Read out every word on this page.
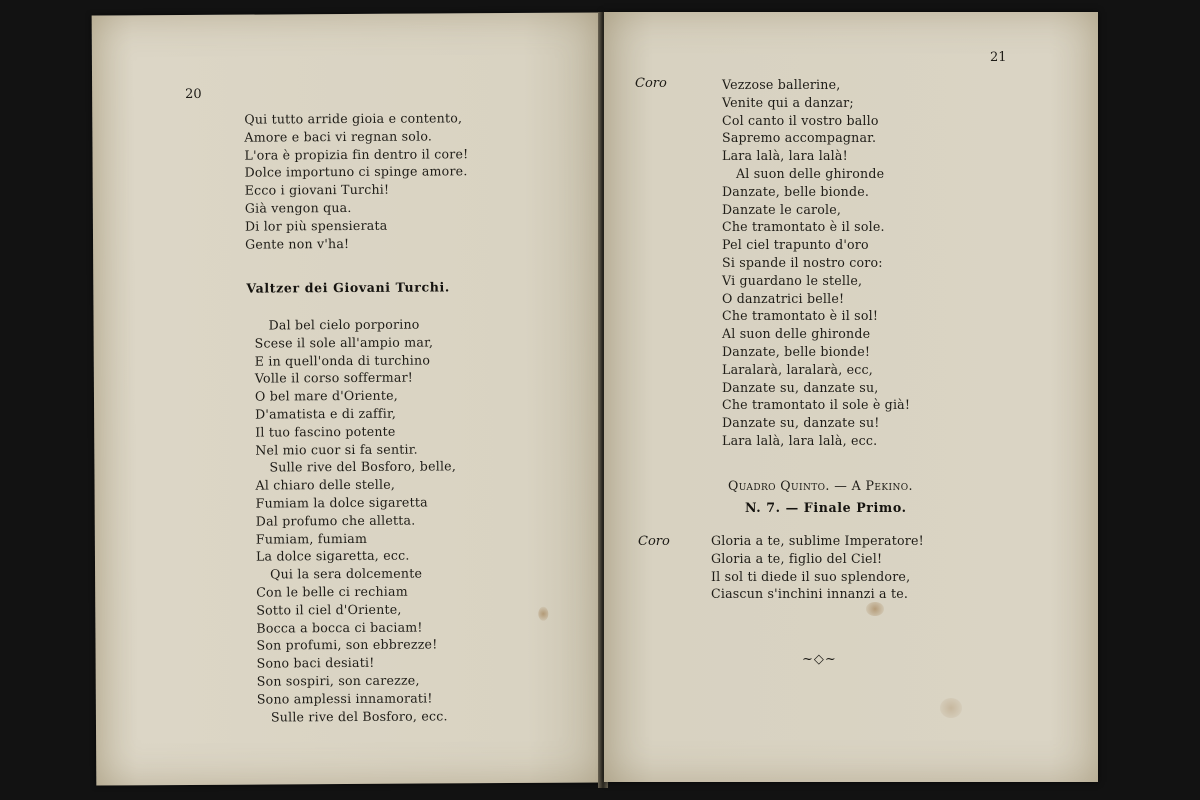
20
Qui tutto arride gioia e contento,
Amore e baci vi regnan solo.
L'ora è propizia fin dentro il core!
Dolce importuno ci spinge amore.
Ecco i giovani Turchi!
Già vengon qua.
Di lor più spensierata
Gente non v'ha!
Valtzer dei Giovani Turchi.
Dal bel cielo porporino
Scese il sole all'ampio mar,
E in quell'onda di turchino
Volle il corso soffermar!
O bel mare d'Oriente,
D'amatista e di zaffir,
Il tuo fascino potente
Nel mio cuor si fa sentir.
Sulle rive del Bosforo, belle,
Al chiaro delle stelle,
Fumiam la dolce sigaretta
Dal profumo che alletta.
Fumiam, fumiam
La dolce sigaretta, ecc.
Qui la sera dolcemente
Con le belle ci rechiam
Sotto il ciel d'Oriente,
Bocca a bocca ci baciam!
Son profumi, son ebbrezze!
Sono baci desiati!
Son sospiri, son carezze,
Sono amplessi innamorati!
Sulle rive del Bosforo, ecc.
21
Coro	Vezzose ballerine,
Venite qui a danzar;
Col canto il vostro ballo
Sapremo accompagnar.
Lara lalà, lara lalà!
Al suon delle ghironde
Danzate, belle bionde.
Danzate le carole,
Che tramontato è il sole.
Pel ciel trapunto d'oro
Si spande il nostro coro:
Vi guardano le stelle,
O danzatrici belle!
Che tramontato è il sol!
Al suon delle ghironde
Danzate, belle bionde!
Laralarà, laralarà, ecc,
Danzate su, danzate su,
Che tramontato il sole è già!
Danzate su, danzate su!
Lara lalà, lara lalà, ecc.
Quadro Quinto. — A Pekino.
N. 7. — Finale Primo.
Coro	Gloria a te, sublime Imperatore!
Gloria a te, figlio del Ciel!
Il sol ti diede il suo splendore,
Ciascun s'inchini innanzi a te.
~◇~
